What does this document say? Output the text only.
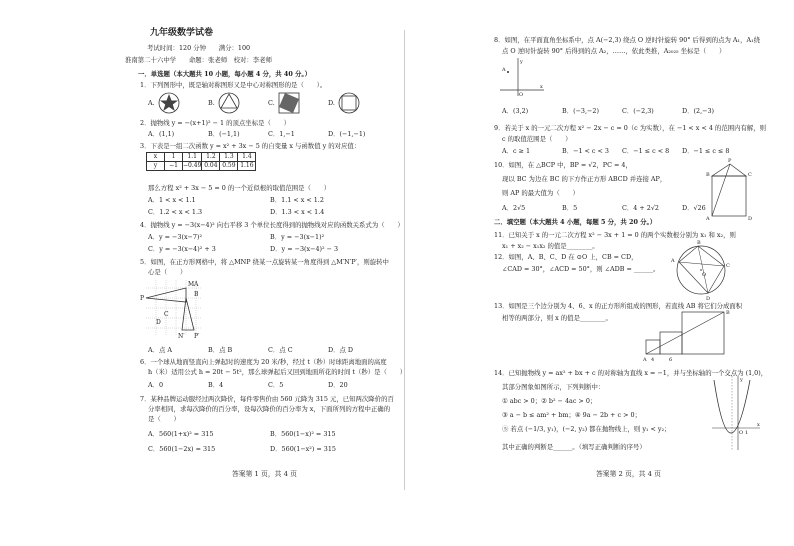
九年级数学试卷
考试时间：120 分钟　　满分：100
淮南第二十六中学　　命题：张老师　校对：李老师
一．单选题（本大题共 10 小题，每小题 4 分，共 40 分。）
1．下列图形中，既是轴对称图形又是中心对称图形的是（　　）。
A.	B.	C.	D.
2．抛物线 y = −(x+1)² − 1 的顶点坐标是（　　）
A．(1,1)	B．(−1,1)	C．1,−1	D．(−1,−1)
3．下表是一组二次函数 y = x² + 3x − 5 的自变量 x 与函数值 y 的对应值：
x	1	1.1	1.2	1.3	1.4
y	−1	−0.49	0.04	0.59	1.16
那么方程 x² + 3x − 5 = 0 的一个近似根的取值范围是（　　）
A．1 < x < 1.1	B．1.1 < x < 1.2
C．1.2 < x < 1.3	D．1.3 < x < 1.4
4．抛物线 y = −3(x−4)² 向右平移 3 个单位长度得到的抛物线对应的函数关系式为（　　）
A．y = −3(x−7)²	B．y = −3(x−1)²
C．y = −3(x−4)² + 3	D．y = −3(x−4)² − 3
5．如图，在正方形网格中，将 △MNP 绕某一点旋转某一角度得到 △M′N′P′，则旋转中
心是（　　）
P
M A
B
C
D
N′ P′
A．点 A	B．点 B	C．点 C	D．点 D
6．一个球从地面竖直向上弹起时的速度为 20 米/秒，经过 t（秒）时球距离地面的高度
h（米）适用公式 h = 20t − 5t²，那么球弹起后又回到地面所花的时间 t（秒）是（　　）
A．0	B．4	C．5	D．20
7．某种品牌运动服经过两次降价，每件零售价由 560 元降为 315 元，已知两次降价的百
分率相同，求每次降价的百分率，设每次降价的百分率为 x，下面所列的方程中正确的
是（　　）
A．560(1+x)² = 315	B．560(1−x)² = 315
C．560(1−2x) = 315	D．560(1−x²) = 315
答案第 1 页，共 4 页
8．如图，在平面直角坐标系中，点 A(−2,3) 绕点 O 逆时针旋转 90° 后得到的点为 A₁，A₁绕
点 O 逆时针旋转 90° 后得到的点 A₂，……，依此类推，A₂₀₂₅ 坐标是（　　）
A
O
x
y
A．(3,2)	B．(−3,−2)	C．(−2,3)	D．(2,−3)
9．若关于 x 的一元二次方程 x² − 2x − c = 0（c 为实数），在 −1 < x < 4 的范围内有解，则
c 的取值范围是（　　）
A．c ≥ 1	B．−1 < c < 3	C．−1 ≤ c < 8	D．−1 ≤ c ≤ 8
10．如图，在 △BCP 中，BP = √2，PC = 4，
现以 BC 为边在 BC 的下方作正方形 ABCD 并连接 AP，
则 AP 的最大值为（　　）
B
P
C
A	D
A．2√5	B．5	C．4 + 2√2	D．√26
二．填空题（本大题共 4 小题，每题 5 分，共 20 分。）
11．已知关于 x 的一元二次方程 x² − 3x + 1 = 0 的两个实数根分别为 x₁ 和 x₂，则
x₁ + x₂ − x₁x₂ 的值是________。
12．如图，A、B、C、D 在 ⊙O 上，CB = CD，
∠CAD = 30°，∠ACD = 50°，则 ∠ADB = ______。
A
B
C
D
O
13．如图是三个边分别为 4、6、x 的正方形所组成的图形，若直线 AB 将它们分成面积
相等的两部分，则 x 的值是________。
A
B
4	6
14．已知抛物线 y = ax² + bx + c 的对称轴为直线 x = −1，并与坐标轴的一个交点为 (1,0)，
其部分图象如图所示，下列判断中：
① abc > 0；② b² − 4ac > 0；
③ a − b ≤ am² + bm；④ 9a − 2b + c > 0；
⑤ 若点 (−1/3, y₁)，(−2, y₂) 都在抛物线上，则 y₁ < y₂；
其中正确的判断是______。（填写正确判断的序号）
O
x
y
1
答案第 2 页，共 4 页
